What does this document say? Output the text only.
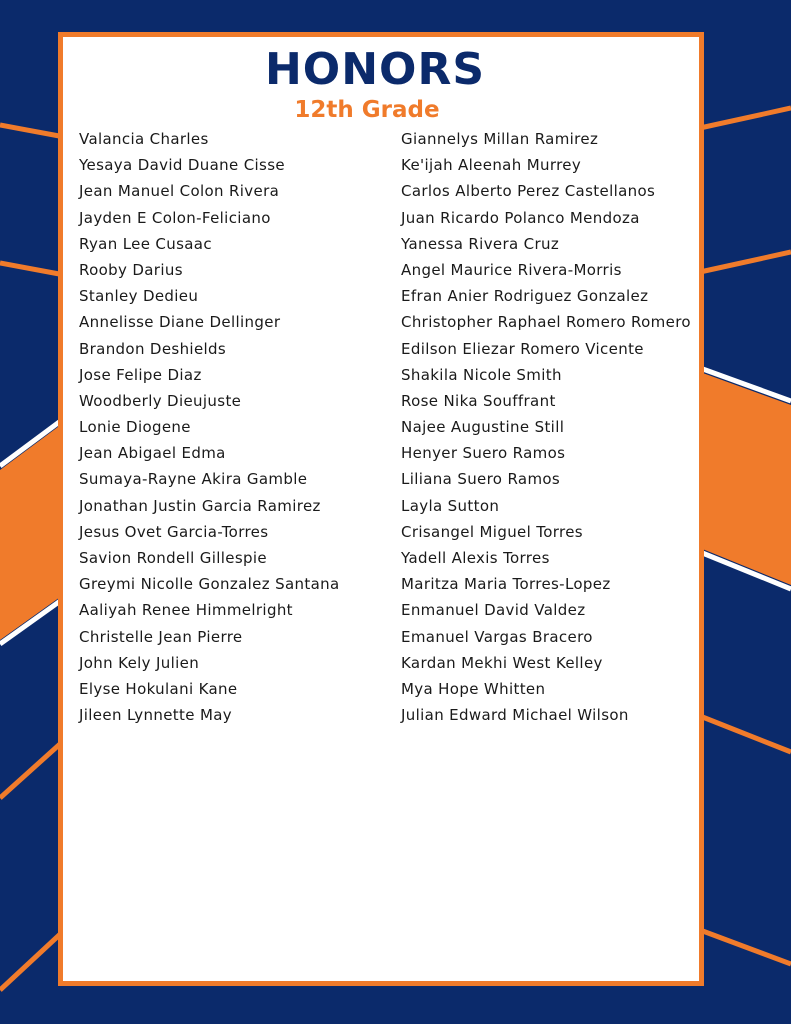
HONORS
12th Grade
Valancia Charles
Yesaya David Duane Cisse
Jean Manuel Colon Rivera
Jayden E Colon-Feliciano
Ryan Lee Cusaac
Rooby Darius
Stanley Dedieu
Annelisse Diane Dellinger
Brandon Deshields
Jose Felipe Diaz
Woodberly Dieujuste
Lonie Diogene
Jean Abigael Edma
Sumaya-Rayne Akira Gamble
Jonathan Justin Garcia Ramirez
Jesus Ovet Garcia-Torres
Savion Rondell Gillespie
Greymi Nicolle Gonzalez Santana
Aaliyah Renee Himmelright
Christelle Jean Pierre
John Kely Julien
Elyse Hokulani Kane
Jileen Lynnette May
Giannelys Millan Ramirez
Ke'ijah Aleenah Murrey
Carlos Alberto Perez Castellanos
Juan Ricardo Polanco Mendoza
Yanessa Rivera Cruz
Angel Maurice Rivera-Morris
Efran Anier Rodriguez Gonzalez
Christopher Raphael Romero Romero
Edilson Eliezar Romero Vicente
Shakila Nicole Smith
Rose Nika Souffrant
Najee Augustine Still
Henyer Suero Ramos
Liliana Suero Ramos
Layla Sutton
Crisangel Miguel Torres
Yadell Alexis Torres
Maritza Maria Torres-Lopez
Enmanuel David Valdez
Emanuel Vargas Bracero
Kardan Mekhi West Kelley
Mya Hope Whitten
Julian Edward Michael Wilson
